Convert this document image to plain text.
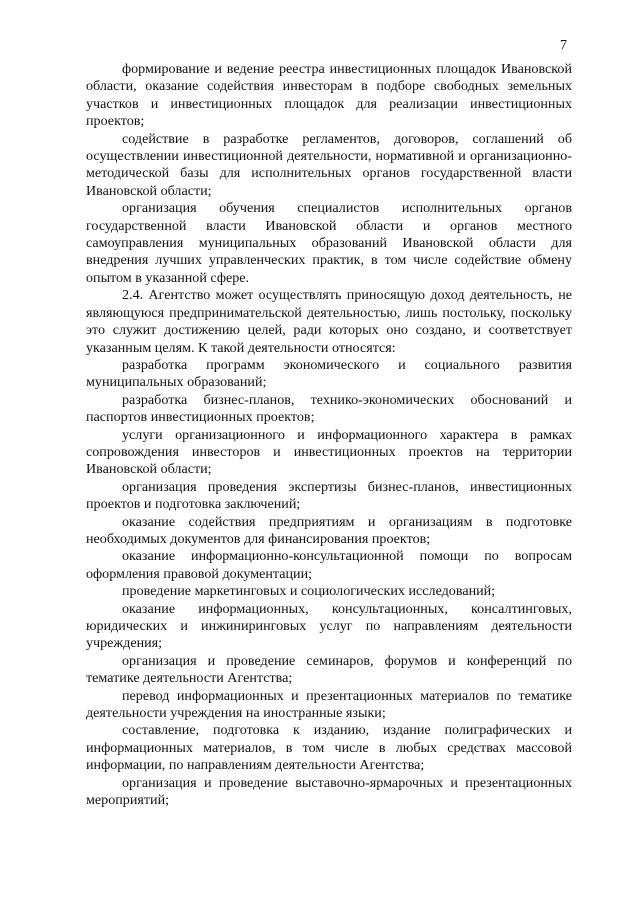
7

формирование и ведение реестра инвестиционных площадок Ивановской области, оказание содействия инвесторам в подборе свободных земельных участков и инвестиционных площадок для реализации инвестиционных проектов;

содействие в разработке регламентов, договоров, соглашений об осуществлении инвестиционной деятельности, нормативной и организационно-методической базы для исполнительных органов государственной власти Ивановской области;

организация обучения специалистов исполнительных органов государственной власти Ивановской области и органов местного самоуправления муниципальных образований Ивановской области для внедрения лучших управленческих практик, в том числе содействие обмену опытом в указанной сфере.

2.4. Агентство может осуществлять приносящую доход деятельность, не являющуюся предпринимательской деятельностью, лишь постольку, поскольку это служит достижению целей, ради которых оно создано, и соответствует указанным целям. К такой деятельности относятся:

разработка программ экономического и социального развития муниципальных образований;

разработка бизнес-планов, технико-экономических обоснований и паспортов инвестиционных проектов;

услуги организационного и информационного характера в рамках сопровождения инвесторов и инвестиционных проектов на территории Ивановской области;

организация проведения экспертизы бизнес-планов, инвестиционных проектов и подготовка заключений;

оказание содействия предприятиям и организациям в подготовке необходимых документов для финансирования проектов;

оказание информационно-консультационной помощи по вопросам оформления правовой документации;

проведение маркетинговых и социологических исследований;

оказание информационных, консультационных, консалтинговых, юридических и инжиниринговых услуг по направлениям деятельности учреждения;

организация и проведение семинаров, форумов и конференций по тематике деятельности Агентства;

перевод информационных и презентационных материалов по тематике деятельности учреждения на иностранные языки;

составление, подготовка к изданию, издание полиграфических и информационных материалов, в том числе в любых средствах массовой информации, по направлениям деятельности Агентства;

организация и проведение выставочно-ярмарочных и презентационных мероприятий;
